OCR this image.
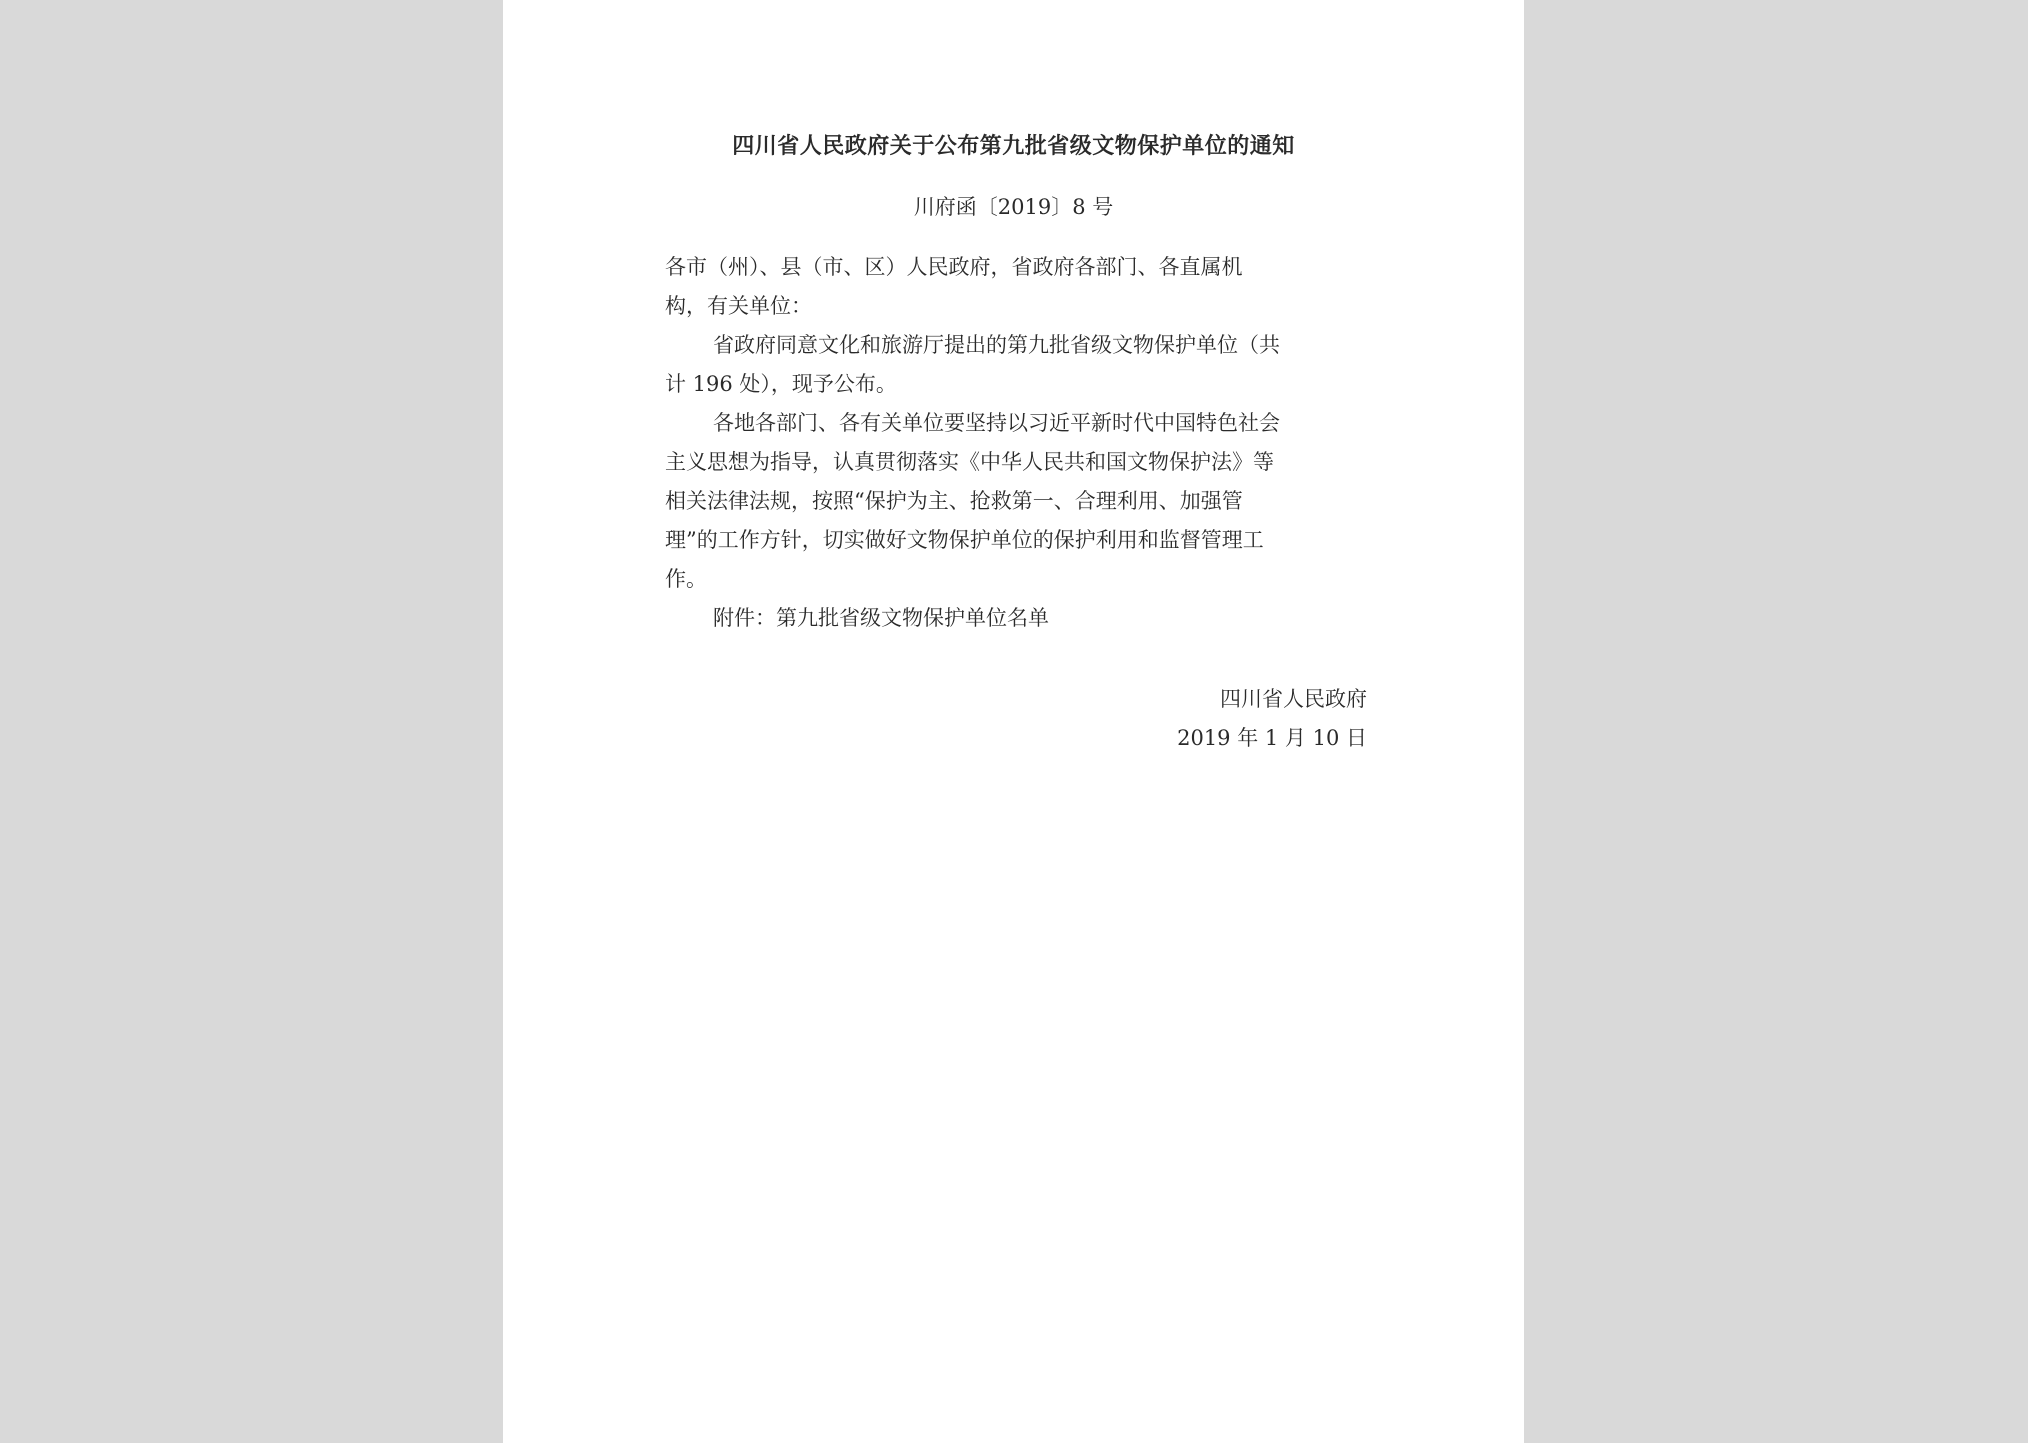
四川省人民政府关于公布第九批省级文物保护单位的通知
川府函〔2019〕8 号
各市（州）、县（市、区）人民政府，省政府各部门、各直属机
构，有关单位：
省政府同意文化和旅游厅提出的第九批省级文物保护单位（共
计 196 处），现予公布。
各地各部门、各有关单位要坚持以习近平新时代中国特色社会
主义思想为指导，认真贯彻落实《中华人民共和国文物保护法》等
相关法律法规，按照“保护为主、抢救第一、合理利用、加强管
理”的工作方针，切实做好文物保护单位的保护利用和监督管理工
作。
附件：第九批省级文物保护单位名单
四川省人民政府
2019 年 1 月 10 日
